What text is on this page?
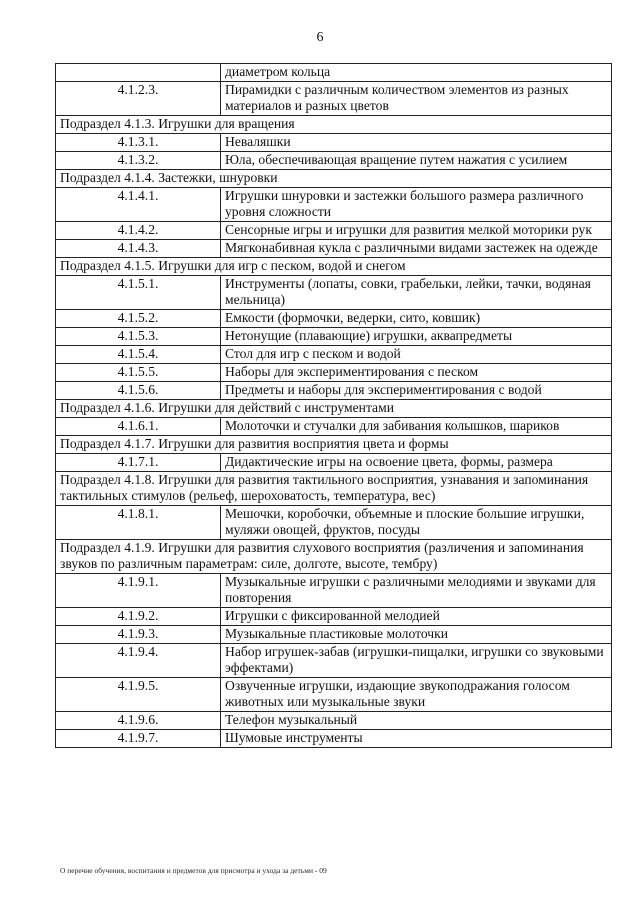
6
	диаметром кольца
4.1.2.3.	Пирамидки с различным количеством элементов из разных материалов и разных цветов
Подраздел 4.1.3. Игрушки для вращения	
4.1.3.1.	Неваляшки
4.1.3.2.	Юла, обеспечивающая вращение путем нажатия с усилием
Подраздел 4.1.4. Застежки, шнуровки	
4.1.4.1.	Игрушки шнуровки и застежки большого размера различного уровня сложности
4.1.4.2.	Сенсорные игры и игрушки для развития мелкой моторики рук
4.1.4.3.	Мягконабивная кукла с различными видами застежек на одежде
Подраздел 4.1.5. Игрушки для игр с песком, водой и снегом	
4.1.5.1.	Инструменты (лопаты, совки, грабельки, лейки, тачки, водяная мельница)
4.1.5.2.	Емкости (формочки, ведерки, сито, ковшик)
4.1.5.3.	Нетонущие (плавающие) игрушки, аквапредметы
4.1.5.4.	Стол для игр с песком и водой
4.1.5.5.	Наборы для экспериментирования с песком
4.1.5.6.	Предметы и наборы для экспериментирования с водой
Подраздел 4.1.6. Игрушки для действий с инструментами	
4.1.6.1.	Молоточки и стучалки для забивания колышков, шариков
Подраздел 4.1.7. Игрушки для развития восприятия цвета и формы	
4.1.7.1.	Дидактические игры на освоение цвета, формы, размера
Подраздел 4.1.8. Игрушки для развития тактильного восприятия, узнавания и запоминания тактильных стимулов (рельеф, шероховатость, температура, вес)	
4.1.8.1.	Мешочки, коробочки, объемные и плоские большие игрушки, муляжи овощей, фруктов, посуды
Подраздел 4.1.9. Игрушки для развития слухового восприятия (различения и запоминания звуков по различным параметрам: силе, долготе, высоте, тембру)	
4.1.9.1.	Музыкальные игрушки с различными мелодиями и звуками для повторения
4.1.9.2.	Игрушки с фиксированной мелодией
4.1.9.3.	Музыкальные пластиковые молоточки
4.1.9.4.	Набор игрушек-забав (игрушки-пищалки, игрушки со звуковыми эффектами)
4.1.9.5.	Озвученные игрушки, издающие звукоподражания голосом животных или музыкальные звуки
4.1.9.6.	Телефон музыкальный
4.1.9.7.	Шумовые инструменты
О перечне обучения, воспитания и предметов для присмотра и ухода за детьми - 09
